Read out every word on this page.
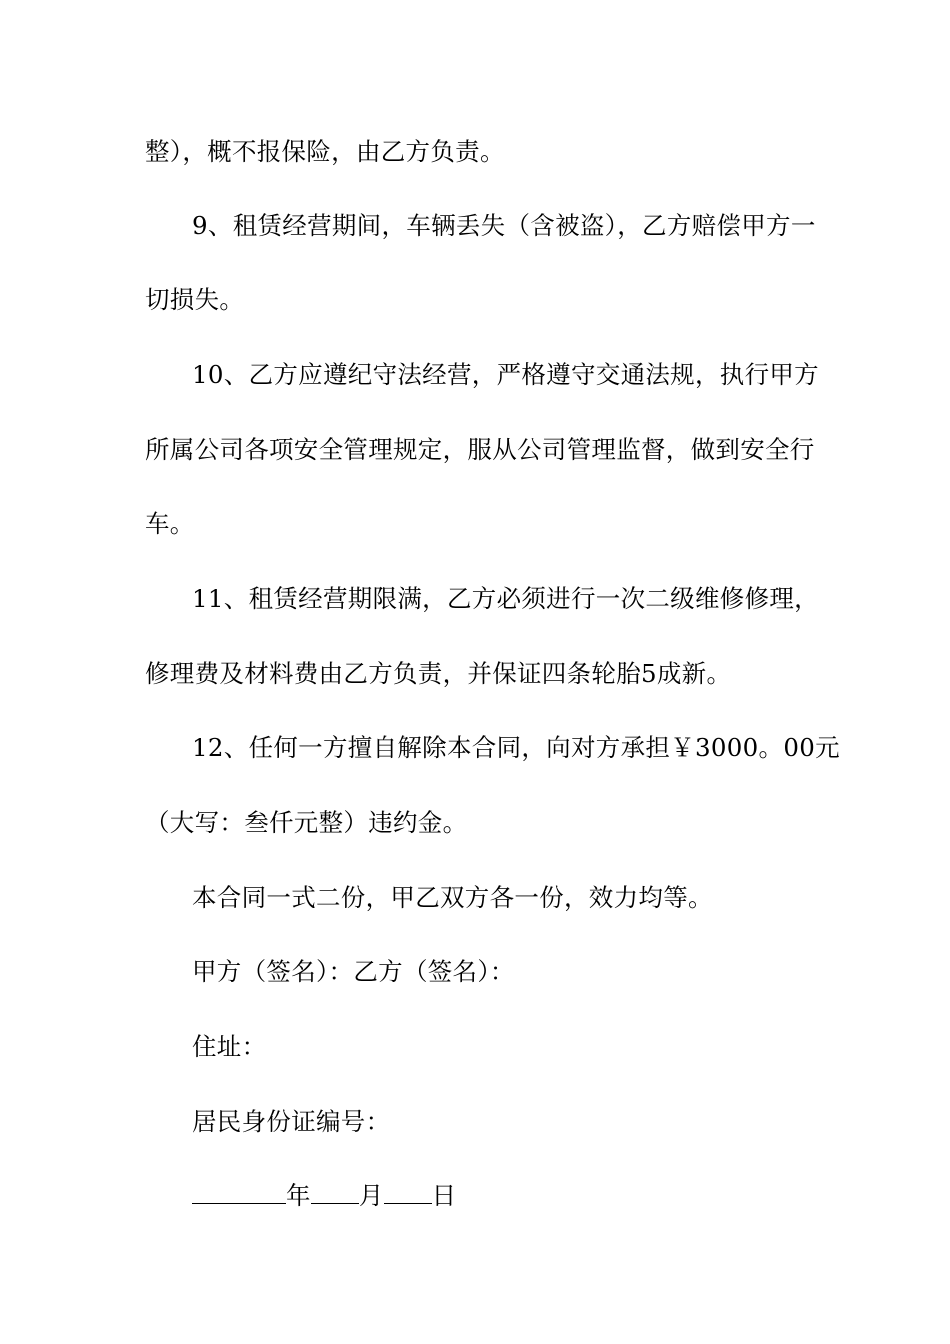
整），概不报保险，由乙方负责。
9、租赁经营期间，车辆丢失（含被盗），乙方赔偿甲方一
切损失。
10、乙方应遵纪守法经营，严格遵守交通法规，执行甲方
所属公司各项安全管理规定，服从公司管理监督，做到安全行
车。
11、租赁经营期限满，乙方必须进行一次二级维修修理，
修理费及材料费由乙方负责，并保证四条轮胎5成新。
12、任何一方擅自解除本合同，向对方承担￥3000。00元
（大写：叁仟元整）违约金。
本合同一式二份，甲乙双方各一份，效力均等。
甲方（签名）：乙方（签名）：
住址：
居民身份证编号：
年 月 日
